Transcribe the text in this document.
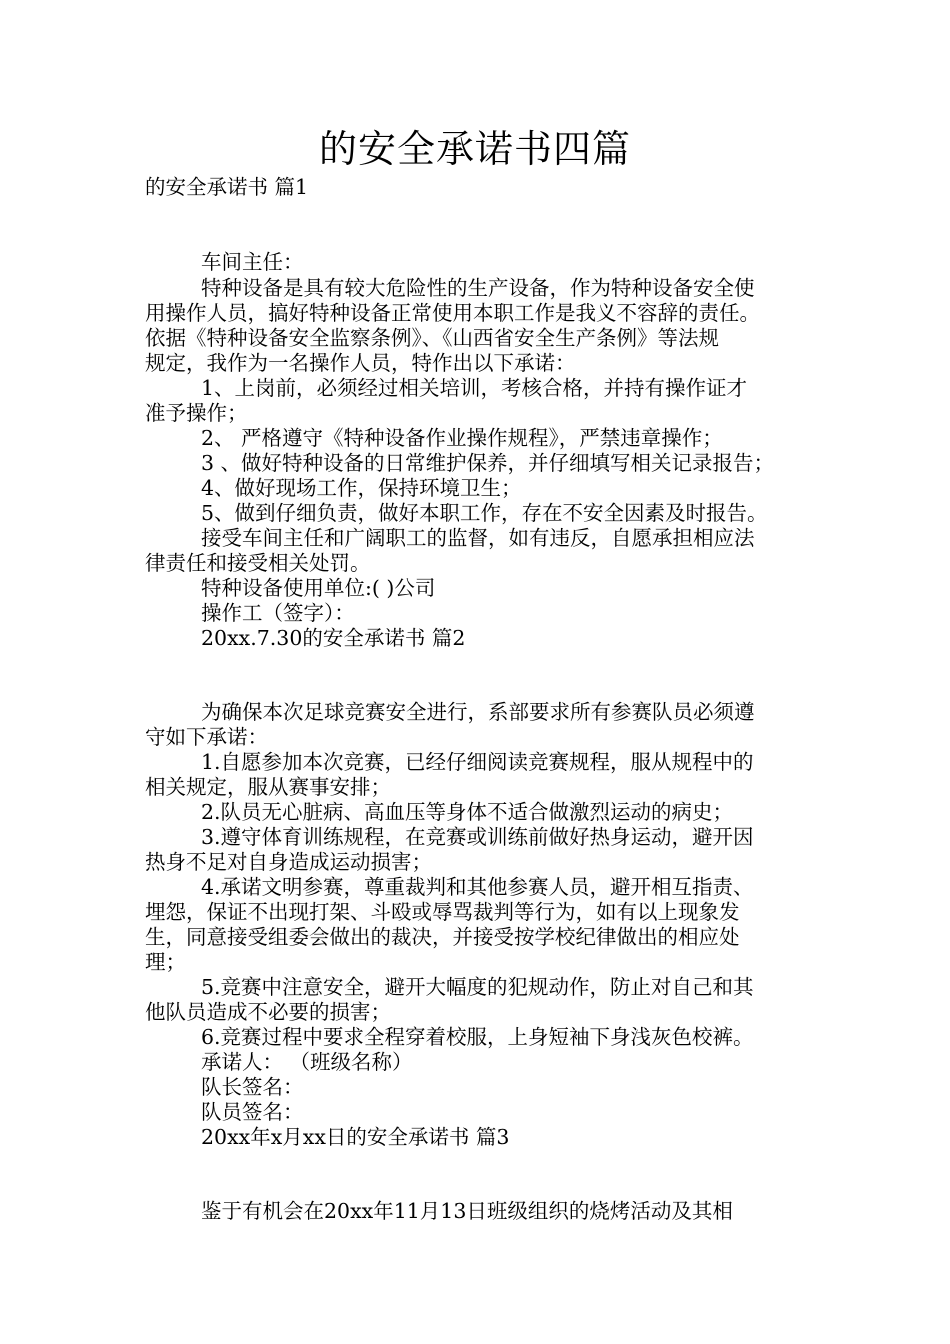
的安全承诺书四篇
的安全承诺书 篇1
车间主任：
特种设备是具有较大危险性的生产设备，作为特种设备安全使
用操作人员，搞好特种设备正常使用本职工作是我义不容辞的责任。
依据《特种设备安全监察条例》、《山西省安全生产条例》等法规
规定，我作为一名操作人员，特作出以下承诺：
1、上岗前，必须经过相关培训，考核合格，并持有操作证才
准予操作；
2、 严格遵守《特种设备作业操作规程》，严禁违章操作；
3 、做好特种设备的日常维护保养，并仔细填写相关记录报告；
4、做好现场工作，保持环境卫生；
5、做到仔细负责，做好本职工作，存在不安全因素及时报告。
接受车间主任和广阔职工的监督，如有违反，自愿承担相应法
律责任和接受相关处罚。
特种设备使用单位:( )公司
操作工（签字）：
20xx.7.30的安全承诺书 篇2
为确保本次足球竞赛安全进行，系部要求所有参赛队员必须遵
守如下承诺：
1.自愿参加本次竞赛，已经仔细阅读竞赛规程，服从规程中的
相关规定，服从赛事安排；
2.队员无心脏病、高血压等身体不适合做激烈运动的病史；
3.遵守体育训练规程，在竞赛或训练前做好热身运动，避开因
热身不足对自身造成运动损害；
4.承诺文明参赛，尊重裁判和其他参赛人员，避开相互指责、
埋怨，保证不出现打架、斗殴或辱骂裁判等行为，如有以上现象发
生，同意接受组委会做出的裁决，并接受按学校纪律做出的相应处
理；
5.竞赛中注意安全，避开大幅度的犯规动作，防止对自己和其
他队员造成不必要的损害；
6.竞赛过程中要求全程穿着校服，上身短袖下身浅灰色校裤。
承诺人： （班级名称）
队长签名：
队员签名：
20xx年x月xx日的安全承诺书 篇3
鉴于有机会在20xx年11月13日班级组织的烧烤活动及其相
